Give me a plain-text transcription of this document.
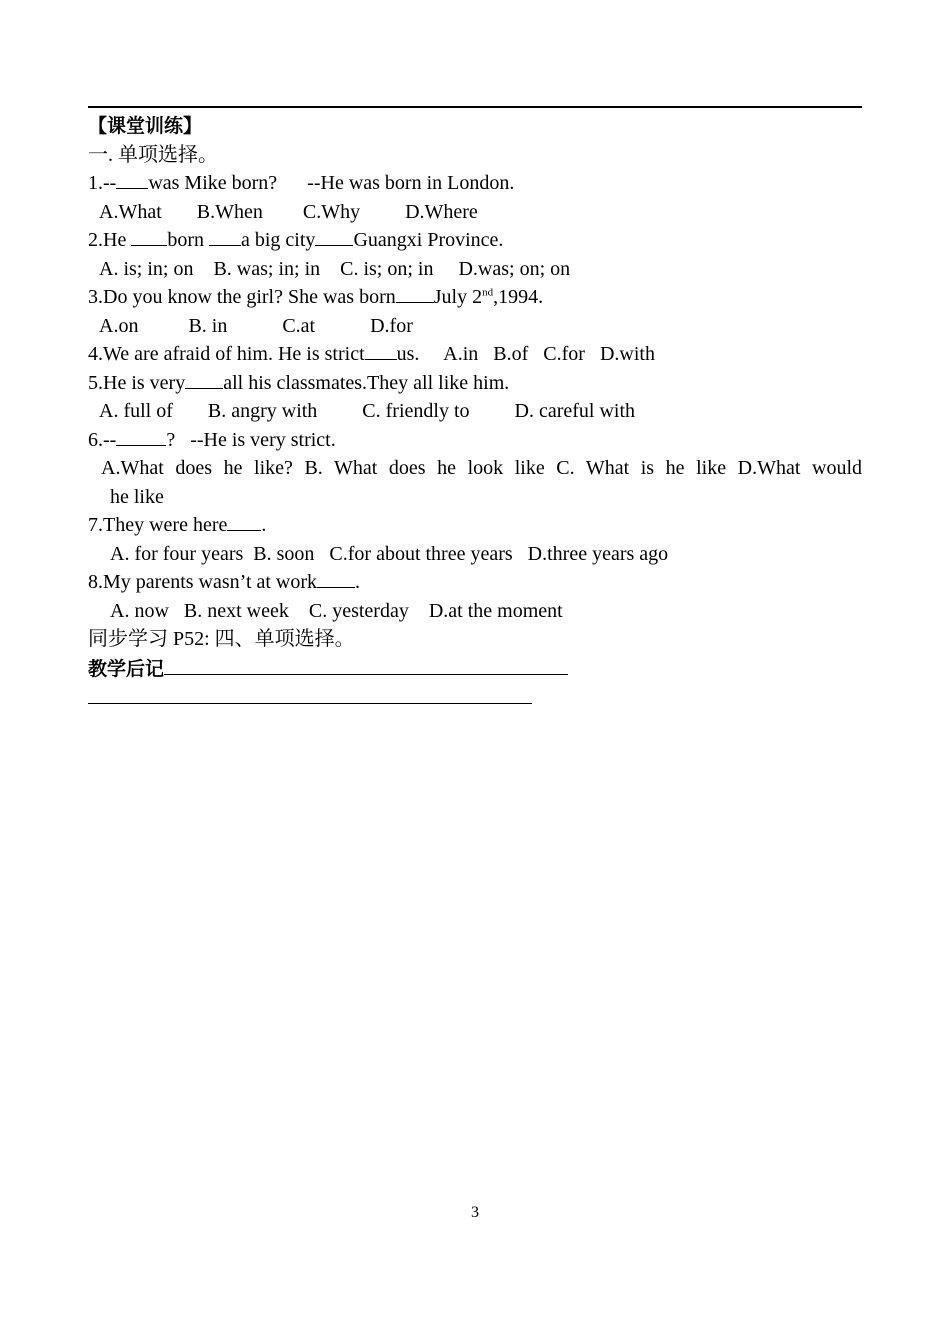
【课堂训练】
一. 单项选择。
1.-- was Mike born?      --He was born in London.
A.What       B.When        C.Why         D.Where
2.He born a big city Guangxi Province.
A. is; in; on    B. was; in; in    C. is; on; in     D.was; on; on
3.Do you know the girl? She was born July 2nd,1994.
A.on          B. in           C.at           D.for
4.We are afraid of him. He is strict us.     A.in   B.of   C.for   D.with
5.He is very all his classmates.They all like him.
A. full of       B. angry with         C. friendly to         D. careful with
6.--	?   --He is very strict.
A.What does he like? B. What does he look like C. What is he like D.What would
he like
7.They were here .
A. for four years  B. soon   C.for about three years   D.three years ago
8.My parents wasn’t at work .
A. now   B. next week    C. yesterday    D.at the moment
同步学习 P52: 四、单项选择。
教学后记
3
